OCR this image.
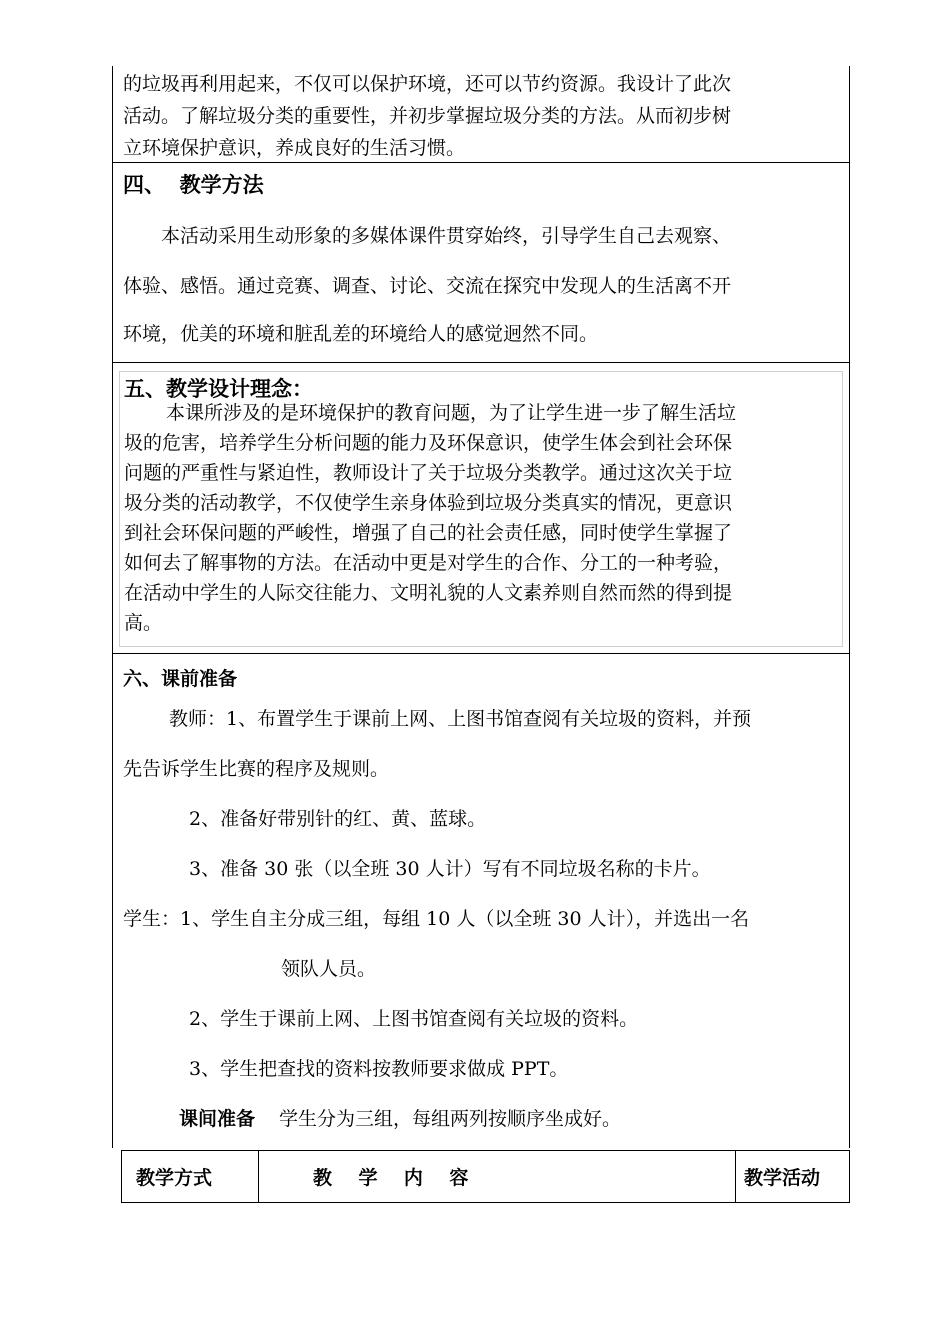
的垃圾再利用起来，不仅可以保护环境，还可以节约资源。我设计了此次

活动。了解垃圾分类的重要性，并初步掌握垃圾分类的方法。从而初步树

立环境保护意识，养成良好的生活习惯。

四、  教学方法

本活动采用生动形象的多媒体课件贯穿始终，引导学生自己去观察、

体验、感悟。通过竞赛、调查、讨论、交流在探究中发现人的生活离不开

环境，优美的环境和脏乱差的环境给人的感觉迥然不同。

五、教学设计理念：

本课所涉及的是环境保护的教育问题，为了让学生进一步了解生活垃

圾的危害，培养学生分析问题的能力及环保意识，使学生体会到社会环保

问题的严重性与紧迫性，教师设计了关于垃圾分类教学。通过这次关于垃

圾分类的活动教学，不仅使学生亲身体验到垃圾分类真实的情况，更意识

到社会环保问题的严峻性，增强了自己的社会责任感，同时使学生掌握了

如何去了解事物的方法。在活动中更是对学生的合作、分工的一种考验，

在活动中学生的人际交往能力、文明礼貌的人文素养则自然而然的得到提

高。

六、课前准备

教师：1、布置学生于课前上网、上图书馆查阅有关垃圾的资料，并预

先告诉学生比赛的程序及规则。

2、准备好带别针的红、黄、蓝球。

3、准备 30 张（以全班 30 人计）写有不同垃圾名称的卡片。

学生：1、学生自主分成三组，每组 10 人（以全班 30 人计），并选出一名

领队人员。

2、学生于课前上网、上图书馆查阅有关垃圾的资料。

3、学生把查找的资料按教师要求做成 PPT。

课间准备 学生分为三组，每组两列按顺序坐成好。

教学方式	教    学    内    容	教学活动
